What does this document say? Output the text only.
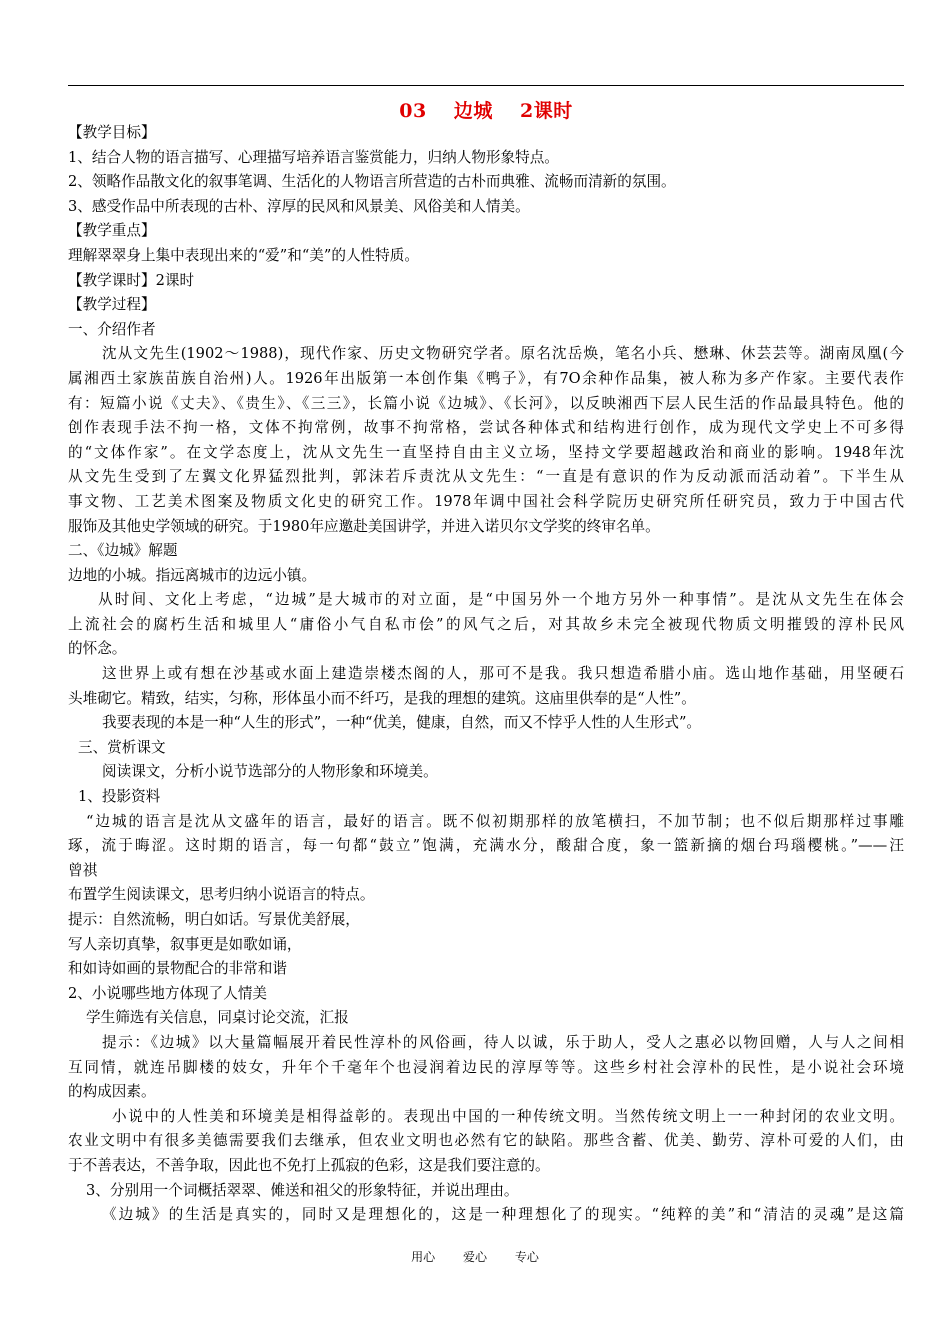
03 边城 2课时
【教学目标】
1、结合人物的语言描写、心理描写培养语言鉴赏能力，归纳人物形象特点。
2、领略作品散文化的叙事笔调、生活化的人物语言所营造的古朴而典雅、流畅而清新的氛围。
3、感受作品中所表现的古朴、淳厚的民风和风景美、风俗美和人情美。
【教学重点】
理解翠翠身上集中表现出来的“爱”和“美”的人性特质。
【教学课时】2课时
【教学过程】
一、介绍作者
沈从文先生(1902～1988)，现代作家、历史文物研究学者。原名沈岳焕，笔名小兵、懋琳、休芸芸等。湖南凤凰(今
属湘西土家族苗族自治州)人。1926年出版第一本创作集《鸭子》，有7O余种作品集，被人称为多产作家。主要代表作
有：短篇小说《丈夫》、《贵生》、《三三》，长篇小说《边城》、《长河》，以反映湘西下层人民生活的作品最具特色。他的
创作表现手法不拘一格，文体不拘常例，故事不拘常格，尝试各种体式和结构进行创作，成为现代文学史上不可多得
的“文体作家”。在文学态度上，沈从文先生一直坚持自由主义立场，坚持文学要超越政治和商业的影响。1948年沈
从文先生受到了左翼文化界猛烈批判，郭沫若斥责沈从文先生：“一直是有意识的作为反动派而活动着”。下半生从
事文物、工艺美术图案及物质文化史的研究工作。1978年调中国社会科学院历史研究所任研究员，致力于中国古代
服饰及其他史学领域的研究。于1980年应邀赴美国讲学，并进入诺贝尔文学奖的终审名单。
二、《边城》解题
边地的小城。指远离城市的边远小镇。
从时间、文化上考虑，“边城”是大城市的对立面，是“中国另外一个地方另外一种事情”。是沈从文先生在体会
上流社会的腐朽生活和城里人“庸俗小气自私市侩”的风气之后，对其故乡未完全被现代物质文明摧毁的淳朴民风
的怀念。
这世界上或有想在沙基或水面上建造崇楼杰阁的人，那可不是我。我只想造希腊小庙。选山地作基础，用坚硬石
头堆砌它。精致，结实，匀称，形体虽小而不纤巧，是我的理想的建筑。这庙里供奉的是“人性”。
我要表现的本是一种“人生的形式”，一种“优美，健康，自然，而又不悖乎人性的人生形式”。
三、赏析课文
阅读课文，分析小说节选部分的人物形象和环境美。
1、投影资料
“边城的语言是沈从文盛年的语言，最好的语言。既不似初期那样的放笔横扫，不加节制；也不似后期那样过事雕
琢，流于晦涩。这时期的语言，每一句都“鼓立”饱满，充满水分，酸甜合度，象一篮新摘的烟台玛瑙樱桃。”——汪
曾祺
布置学生阅读课文，思考归纳小说语言的特点。
提示：自然流畅，明白如话。写景优美舒展，
写人亲切真挚，叙事更是如歌如诵，
和如诗如画的景物配合的非常和谐
2、小说哪些地方体现了人情美
学生筛选有关信息，同桌讨论交流，汇报
提示：《边城》以大量篇幅展开着民性淳朴的风俗画，待人以诚，乐于助人，受人之惠必以物回赠，人与人之间相
互同情，就连吊脚楼的妓女，升年个千毫年个也浸润着边民的淳厚等等。这些乡村社会淳朴的民性，是小说社会环境
的构成因素。
小说中的人性美和环境美是相得益彰的。表现出中国的一种传统文明。当然传统文明上一一种封闭的农业文明。
农业文明中有很多美德需要我们去继承，但农业文明也必然有它的缺陷。那些含蓄、优美、勤劳、淳朴可爱的人们，由
于不善表达，不善争取，因此也不免打上孤寂的色彩，这是我们要注意的。
3、分别用一个词概括翠翠、傩送和祖父的形象特征，并说出理由。
《边城》的生活是真实的，同时又是理想化的，这是一种理想化了的现实。“纯粹的美”和“清洁的灵魂”是这篇
用心 爱心 专心
